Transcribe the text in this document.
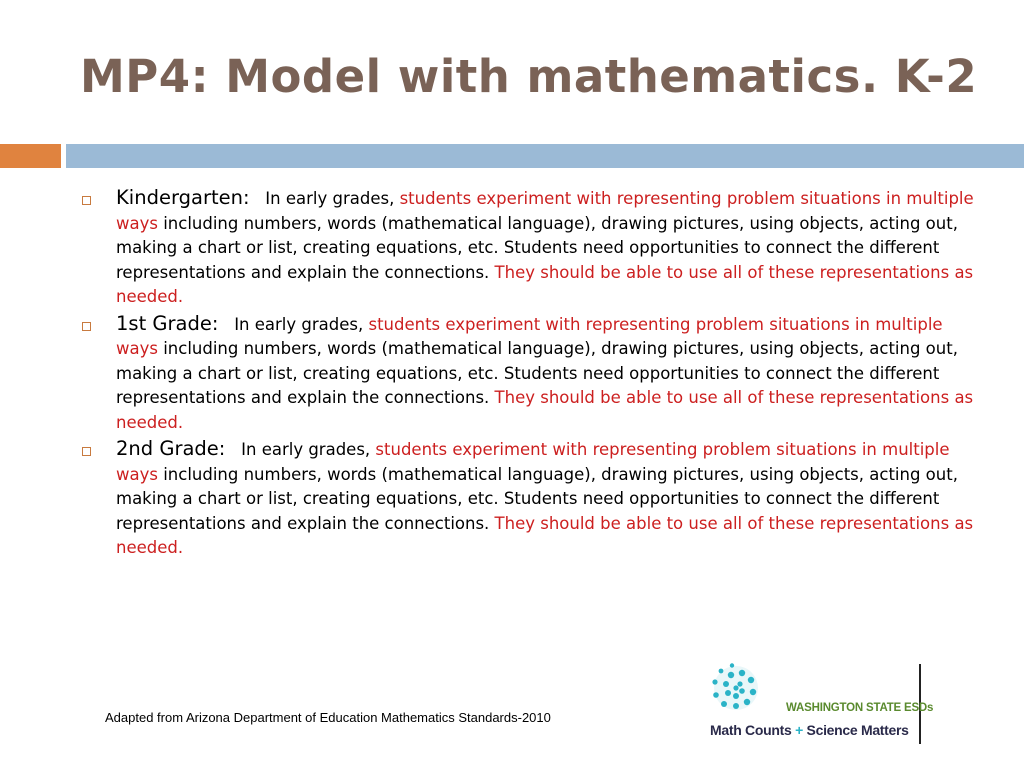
MP4: Model with mathematics. K-2
Kindergarten: In early grades, students experiment with representing problem situations in multiple ways including numbers, words (mathematical language), drawing pictures, using objects, acting out, making a chart or list, creating equations, etc. Students need opportunities to connect the different representations and explain the connections. They should be able to use all of these representations as needed.
1st Grade: In early grades, students experiment with representing problem situations in multiple ways including numbers, words (mathematical language), drawing pictures, using objects, acting out, making a chart or list, creating equations, etc. Students need opportunities to connect the different representations and explain the connections. They should be able to use all of these representations as needed.
2nd Grade: In early grades, students experiment with representing problem situations in multiple ways including numbers, words (mathematical language), drawing pictures, using objects, acting out, making a chart or list, creating equations, etc. Students need opportunities to connect the different representations and explain the connections. They should be able to use all of these representations as needed.
Adapted from Arizona Department of Education Mathematics Standards-2010
WASHINGTON STATE ESDs
Math Counts + Science Matters
